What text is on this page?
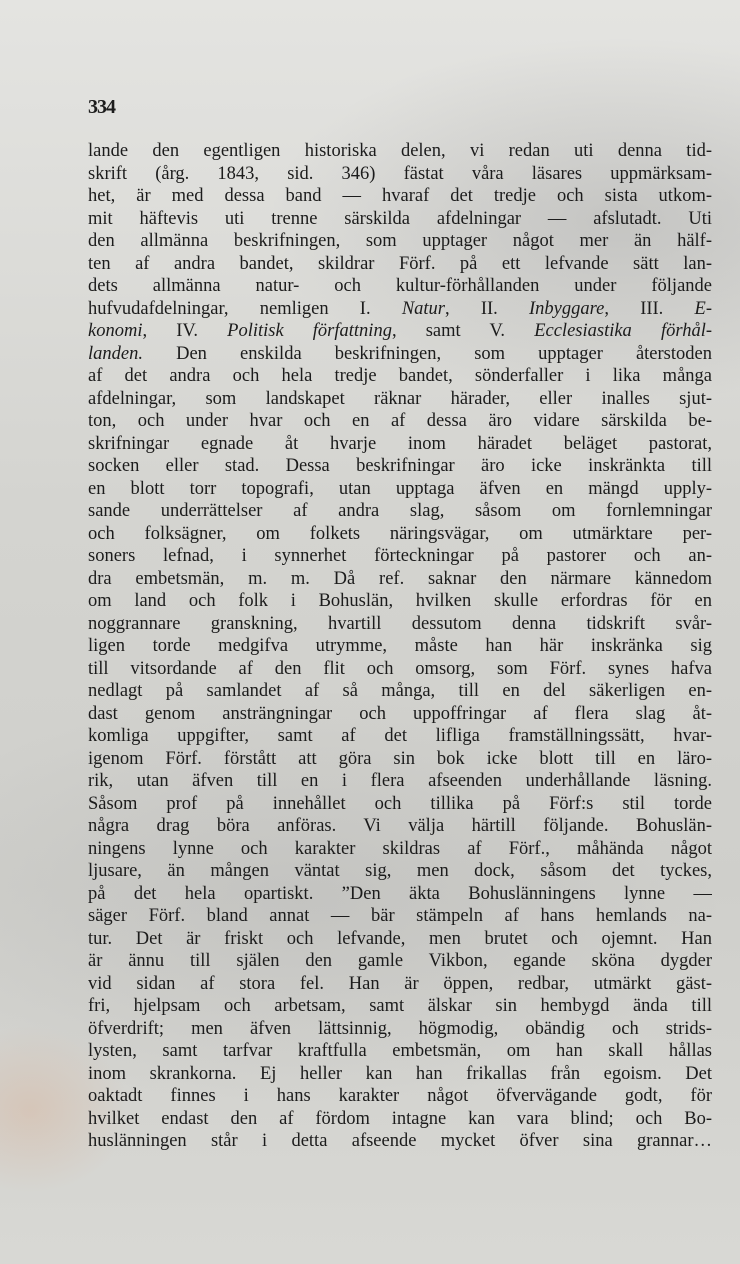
334
lande den egentligen historiska delen, vi redan uti denna tid-
skrift (årg. 1843, sid. 346) fästat våra läsares uppmärksam-
het, är med dessa band — hvaraf det tredje och sista utkom-
mit häftevis uti trenne särskilda afdelningar — afslutadt. Uti
den allmänna beskrifningen, som upptager något mer än hälf-
ten af andra bandet, skildrar Förf. på ett lefvande sätt lan-
dets allmänna natur- och kultur-förhållanden under följande
hufvudafdelningar, nemligen I. Natur, II. Inbyggare, III. E-
konomi, IV. Politisk författning, samt V. Ecclesiastika förhål-
landen. Den enskilda beskrifningen, som upptager återstoden
af det andra och hela tredje bandet, sönderfaller i lika många
afdelningar, som landskapet räknar härader, eller inalles sjut-
ton, och under hvar och en af dessa äro vidare särskilda be-
skrifningar egnade åt hvarje inom häradet beläget pastorat,
socken eller stad. Dessa beskrifningar äro icke inskränkta till
en blott torr topografi, utan upptaga äfven en mängd upply-
sande underrättelser af andra slag, såsom om fornlemningar
och folksägner, om folkets näringsvägar, om utmärktare per-
soners lefnad, i synnerhet förteckningar på pastorer och an-
dra embetsmän, m. m. Då ref. saknar den närmare kännedom
om land och folk i Bohuslän, hvilken skulle erfordras för en
noggrannare granskning, hvartill dessutom denna tidskrift svår-
ligen torde medgifva utrymme, måste han här inskränka sig
till vitsordande af den flit och omsorg, som Förf. synes hafva
nedlagt på samlandet af så många, till en del säkerligen en-
dast genom ansträngningar och uppoffringar af flera slag åt-
komliga uppgifter, samt af det lifliga framställningssätt, hvar-
igenom Förf. förstått att göra sin bok icke blott till en läro-
rik, utan äfven till en i flera afseenden underhållande läsning.
Såsom prof på innehållet och tillika på Förf:s stil torde
några drag böra anföras. Vi välja härtill följande. Bohuslän-
ningens lynne och karakter skildras af Förf., måhända något
ljusare, än mången väntat sig, men dock, såsom det tyckes,
på det hela opartiskt. ”Den äkta Bohuslänningens lynne —
säger Förf. bland annat — bär stämpeln af hans hemlands na-
tur. Det är friskt och lefvande, men brutet och ojemnt. Han
är ännu till själen den gamle Vikbon, egande sköna dygder
vid sidan af stora fel. Han är öppen, redbar, utmärkt gäst-
fri, hjelpsam och arbetsam, samt älskar sin hembygd ända till
öfverdrift; men äfven lättsinnig, högmodig, obändig och strids-
lysten, samt tarfvar kraftfulla embetsmän, om han skall hållas
inom skrankorna. Ej heller kan han frikallas från egoism. Det
oaktadt finnes i hans karakter något öfvervägande godt, för
hvilket endast den af fördom intagne kan vara blind; och Bo-
huslänningen står i detta afseende mycket öfver sina grannar…
